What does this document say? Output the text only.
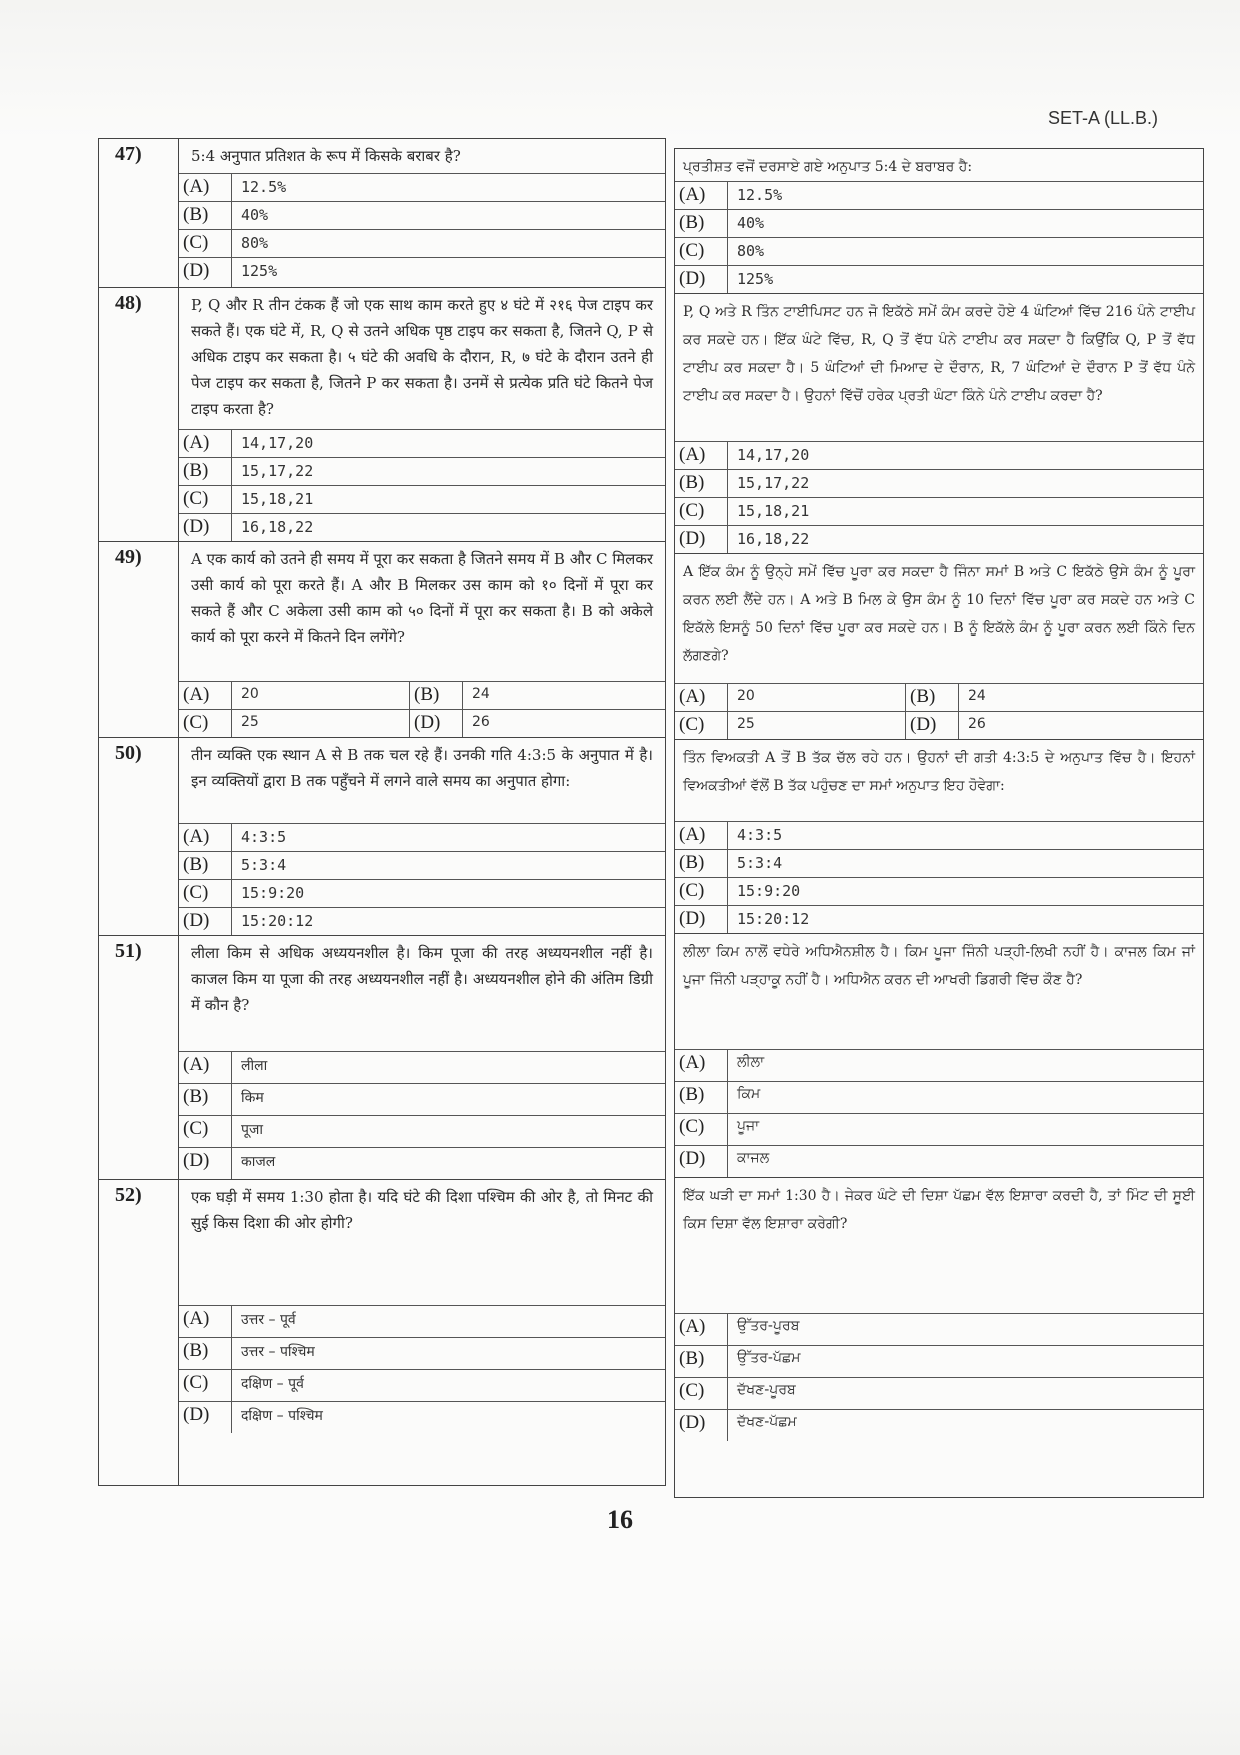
SET-A (LL.B.)
47)	5:4 अनुपात प्रतिशत के रूप में किसके बराबर है?
(A)	12.5%
(B)	40%
(C)	80%
(D)	125%
48)	P, Q और R तीन टंकक हैं जो एक साथ काम करते हुए ४ घंटे में २१६ पेज टाइप कर सकते हैं। एक घंटे में, R, Q से उतने अधिक पृष्ठ टाइप कर सकता है, जितने Q, P से अधिक टाइप कर सकता है। ५ घंटे की अवधि के दौरान, R, ७ घंटे के दौरान उतने ही पेज टाइप कर सकता है, जितने P कर सकता है। उनमें से प्रत्येक प्रति घंटे कितने पेज टाइप करता है?
(A)	14,17,20
(B)	15,17,22
(C)	15,18,21
(D)	16,18,22
49)	A एक कार्य को उतने ही समय में पूरा कर सकता है जितने समय में B और C मिलकर उसी कार्य को पूरा करते हैं। A और B मिलकर उस काम को १० दिनों में पूरा कर सकते हैं और C अकेला उसी काम को ५० दिनों में पूरा कर सकता है। B को अकेले कार्य को पूरा करने में कितने दिन लगेंगे?
(A)	20	(B)	24
(C)	25	(D)	26
50)	तीन व्यक्ति एक स्थान A से B तक चल रहे हैं। उनकी गति 4:3:5 के अनुपात में है। इन व्यक्तियों द्वारा B तक पहुँचने में लगने वाले समय का अनुपात होगा:
(A)	4:3:5
(B)	5:3:4
(C)	15:9:20
(D)	15:20:12
51)	लीला किम से अधिक अध्ययनशील है। किम पूजा की तरह अध्ययनशील नहीं है। काजल किम या पूजा की तरह अध्ययनशील नहीं है। अध्ययनशील होने की अंतिम डिग्री में कौन है?
(A)	लीला
(B)	किम
(C)	पूजा
(D)	काजल
52)	एक घड़ी में समय 1:30 होता है। यदि घंटे की दिशा पश्चिम की ओर है, तो मिनट की सुई किस दिशा की ओर होगी?
(A)	उत्तर – पूर्व
(B)	उत्तर – पश्चिम
(C)	दक्षिण – पूर्व
(D)	दक्षिण – पश्चिम
ਪ੍ਰਤੀਸ਼ਤ ਵਜੋਂ ਦਰਸਾਏ ਗਏ ਅਨੁਪਾਤ 5:4 ਦੇ ਬਰਾਬਰ ਹੈ:
(A)	12.5%
(B)	40%
(C)	80%
(D)	125%
P, Q ਅਤੇ R ਤਿੰਨ ਟਾਈਪਿਸਟ ਹਨ ਜੋ ਇਕੱਠੇ ਸਮੇਂ ਕੰਮ ਕਰਦੇ ਹੋਏ 4 ਘੰਟਿਆਂ ਵਿੱਚ 216 ਪੰਨੇ ਟਾਈਪ ਕਰ ਸਕਦੇ ਹਨ। ਇੱਕ ਘੰਟੇ ਵਿੱਚ, R, Q ਤੋਂ ਵੱਧ ਪੰਨੇ ਟਾਈਪ ਕਰ ਸਕਦਾ ਹੈ ਕਿਉਂਕਿ Q, P ਤੋਂ ਵੱਧ ਟਾਈਪ ਕਰ ਸਕਦਾ ਹੈ। 5 ਘੰਟਿਆਂ ਦੀ ਮਿਆਦ ਦੇ ਦੌਰਾਨ, R, 7 ਘੰਟਿਆਂ ਦੇ ਦੌਰਾਨ P ਤੋਂ ਵੱਧ ਪੰਨੇ ਟਾਈਪ ਕਰ ਸਕਦਾ ਹੈ। ਉਹਨਾਂ ਵਿੱਚੋਂ ਹਰੇਕ ਪ੍ਰਤੀ ਘੰਟਾ ਕਿੰਨੇ ਪੰਨੇ ਟਾਈਪ ਕਰਦਾ ਹੈ?
(A)	14,17,20
(B)	15,17,22
(C)	15,18,21
(D)	16,18,22
A ਇੱਕ ਕੰਮ ਨੂੰ ਉਨ੍ਹੇ ਸਮੇਂ ਵਿੱਚ ਪੂਰਾ ਕਰ ਸਕਦਾ ਹੈ ਜਿੰਨਾ ਸਮਾਂ B ਅਤੇ C ਇਕੱਠੇ ਉਸੇ ਕੰਮ ਨੂੰ ਪੂਰਾ ਕਰਨ ਲਈ ਲੈਂਦੇ ਹਨ। A ਅਤੇ B ਮਿਲ ਕੇ ਉਸ ਕੰਮ ਨੂੰ 10 ਦਿਨਾਂ ਵਿੱਚ ਪੂਰਾ ਕਰ ਸਕਦੇ ਹਨ ਅਤੇ C ਇਕੱਲੇ ਇਸਨੂੰ 50 ਦਿਨਾਂ ਵਿੱਚ ਪੂਰਾ ਕਰ ਸਕਦੇ ਹਨ। B ਨੂੰ ਇਕੱਲੇ ਕੰਮ ਨੂੰ ਪੂਰਾ ਕਰਨ ਲਈ ਕਿੰਨੇ ਦਿਨ ਲੱਗਣਗੇ?
(A)	20	(B)	24
(C)	25	(D)	26
ਤਿੰਨ ਵਿਅਕਤੀ A ਤੋਂ B ਤੱਕ ਚੱਲ ਰਹੇ ਹਨ। ਉਹਨਾਂ ਦੀ ਗਤੀ 4:3:5 ਦੇ ਅਨੁਪਾਤ ਵਿੱਚ ਹੈ। ਇਹਨਾਂ ਵਿਅਕਤੀਆਂ ਵੱਲੋਂ B ਤੱਕ ਪਹੁੰਚਣ ਦਾ ਸਮਾਂ ਅਨੁਪਾਤ ਇਹ ਹੋਵੇਗਾ:
(A)	4:3:5
(B)	5:3:4
(C)	15:9:20
(D)	15:20:12
ਲੀਲਾ ਕਿਮ ਨਾਲੋਂ ਵਧੇਰੇ ਅਧਿਐਨਸ਼ੀਲ ਹੈ। ਕਿਮ ਪੂਜਾ ਜਿੰਨੀ ਪੜ੍ਹੀ-ਲਿਖੀ ਨਹੀਂ ਹੈ। ਕਾਜਲ ਕਿਮ ਜਾਂ ਪੂਜਾ ਜਿੰਨੀ ਪੜ੍ਹਾਕੂ ਨਹੀਂ ਹੈ। ਅਧਿਐਨ ਕਰਨ ਦੀ ਆਖਰੀ ਡਿਗਰੀ ਵਿੱਚ ਕੌਣ ਹੈ?
(A)	ਲੀਲਾ
(B)	ਕਿਮ
(C)	ਪੂਜਾ
(D)	ਕਾਜਲ
ਇੱਕ ਘੜੀ ਦਾ ਸਮਾਂ 1:30 ਹੈ। ਜੇਕਰ ਘੰਟੇ ਦੀ ਦਿਸ਼ਾ ਪੱਛਮ ਵੱਲ ਇਸ਼ਾਰਾ ਕਰਦੀ ਹੈ, ਤਾਂ ਮਿੰਟ ਦੀ ਸੂਈ ਕਿਸ ਦਿਸ਼ਾ ਵੱਲ ਇਸ਼ਾਰਾ ਕਰੇਗੀ?
(A)	ਉੱਤਰ-ਪੂਰਬ
(B)	ਉੱਤਰ-ਪੱਛਮ
(C)	ਦੱਖਣ-ਪੂਰਬ
(D)	ਦੱਖਣ-ਪੱਛਮ
16
